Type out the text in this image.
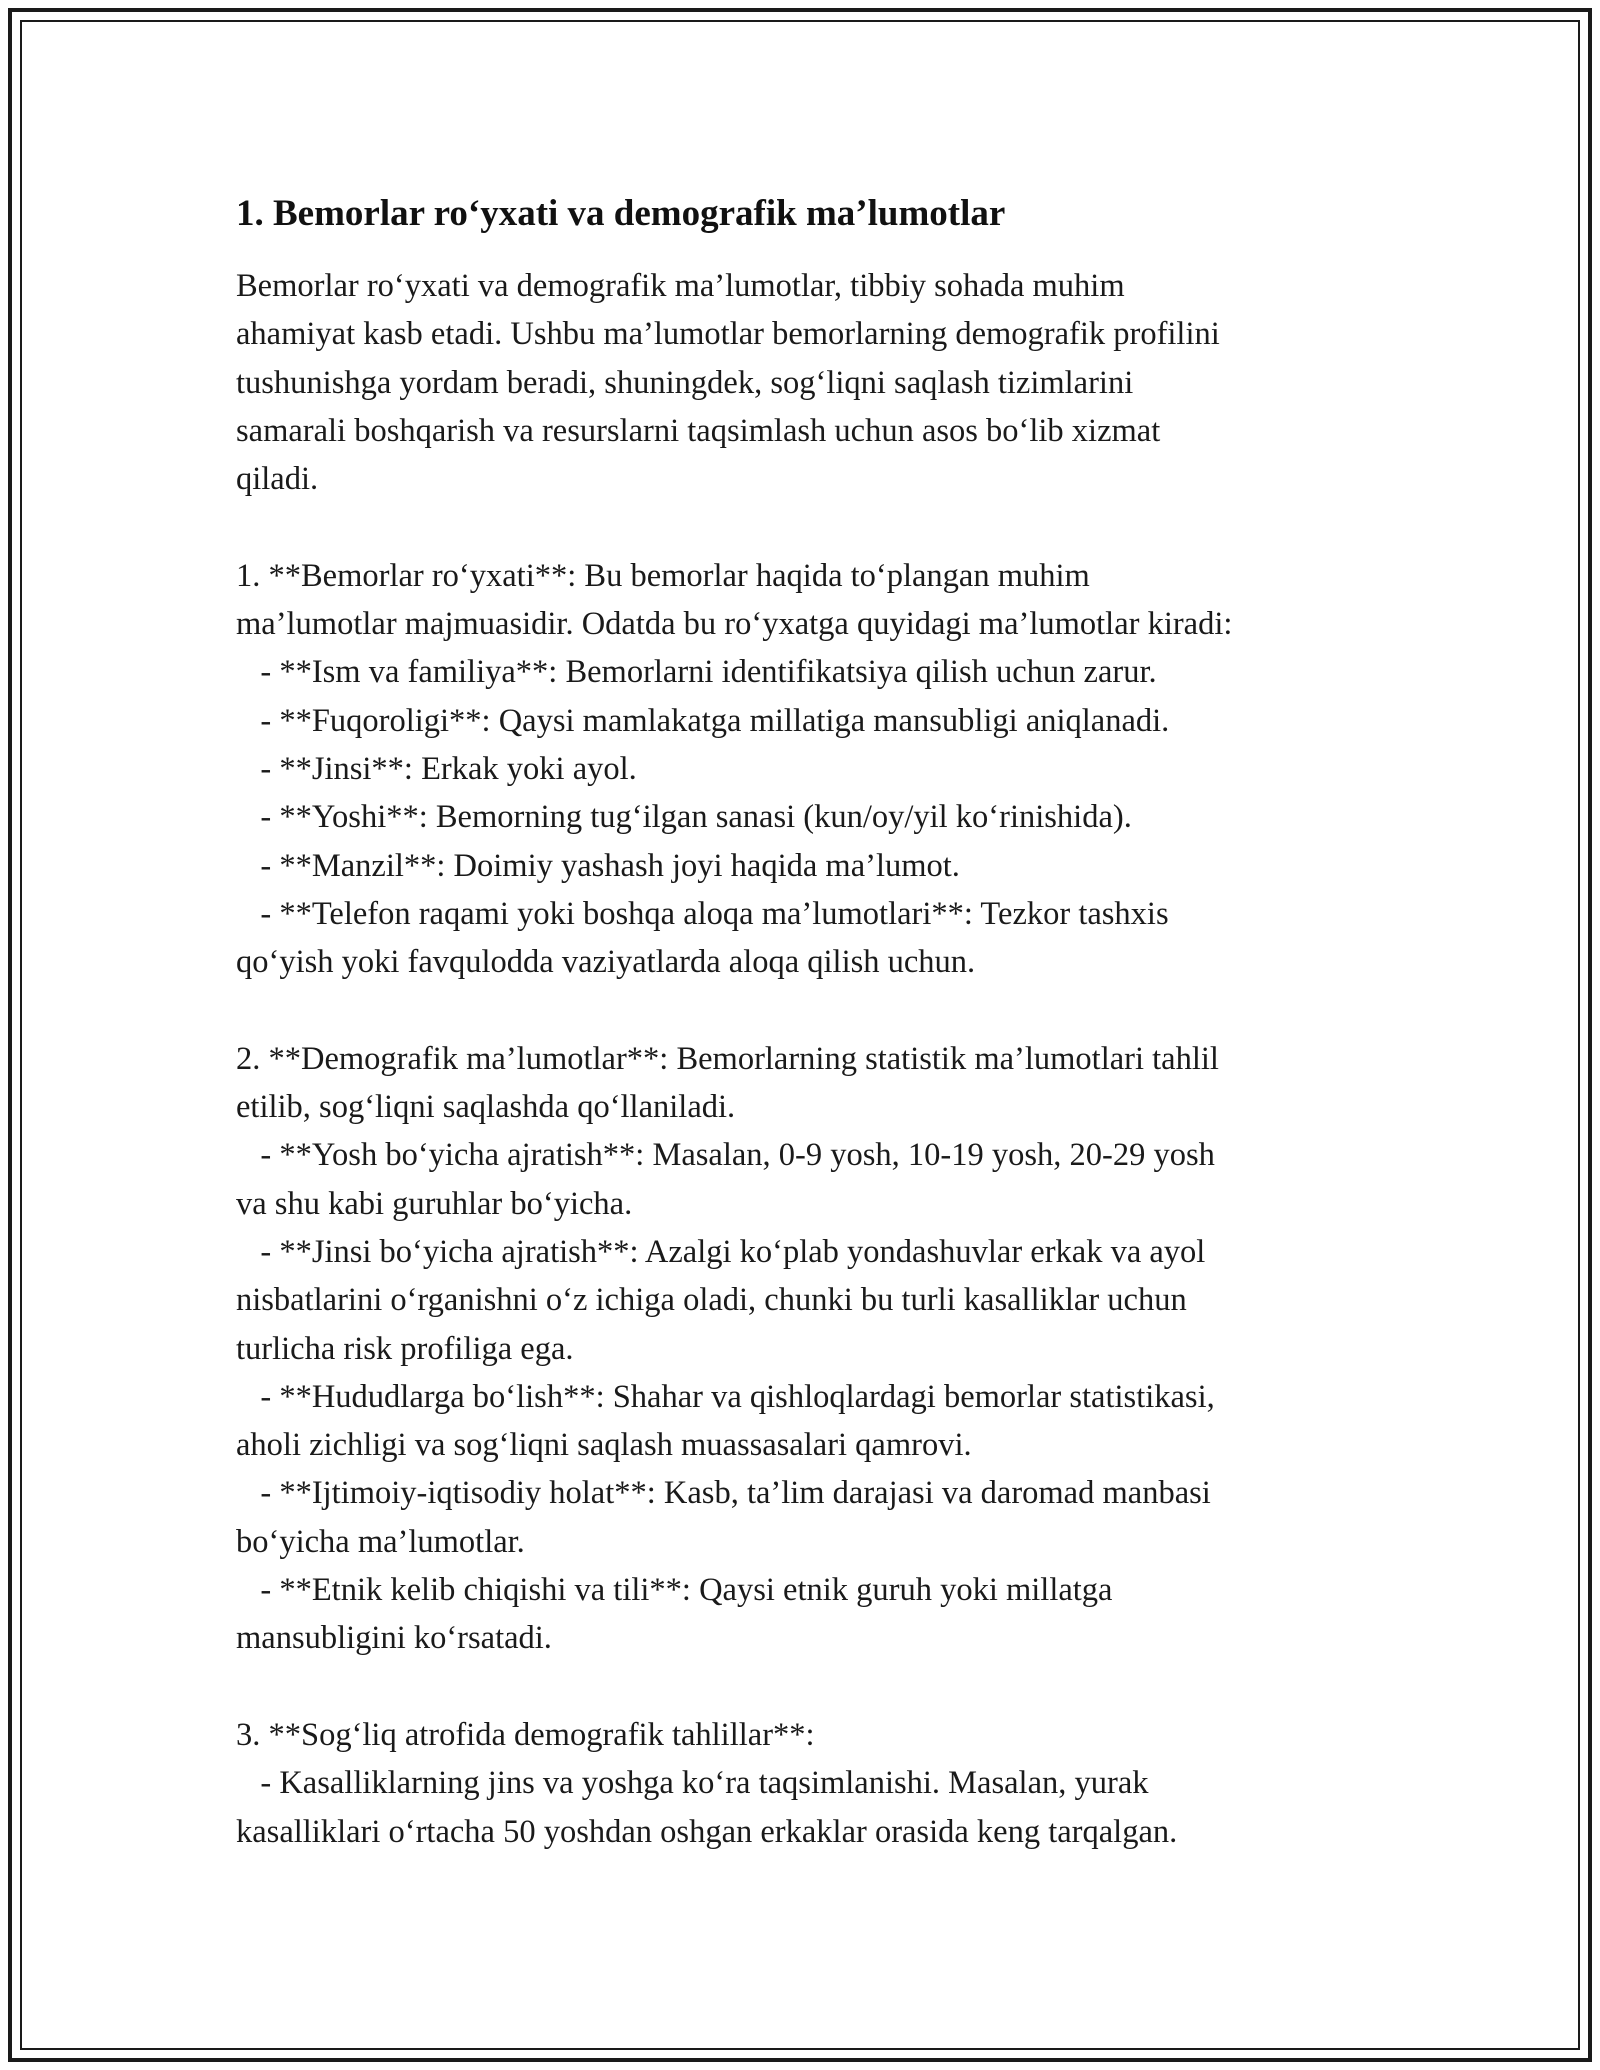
1. Bemorlar ro‘yxati va demografik ma’lumotlar
Bemorlar ro‘yxati va demografik ma’lumotlar, tibbiy sohada muhim
ahamiyat kasb etadi. Ushbu ma’lumotlar bemorlarning demografik profilini
tushunishga yordam beradi, shuningdek, sog‘liqni saqlash tizimlarini
samarali boshqarish va resurslarni taqsimlash uchun asos bo‘lib xizmat
qiladi.
1. **Bemorlar ro‘yxati**: Bu bemorlar haqida to‘plangan muhim
ma’lumotlar majmuasidir. Odatda bu ro‘yxatga quyidagi ma’lumotlar kiradi:
- **Ism va familiya**: Bemorlarni identifikatsiya qilish uchun zarur.
- **Fuqoroligi**: Qaysi mamlakatga millatiga mansubligi aniqlanadi.
- **Jinsi**: Erkak yoki ayol.
- **Yoshi**: Bemorning tug‘ilgan sanasi (kun/oy/yil ko‘rinishida).
- **Manzil**: Doimiy yashash joyi haqida ma’lumot.
- **Telefon raqami yoki boshqa aloqa ma’lumotlari**: Tezkor tashxis
qo‘yish yoki favqulodda vaziyatlarda aloqa qilish uchun.
2. **Demografik ma’lumotlar**: Bemorlarning statistik ma’lumotlari tahlil
etilib, sog‘liqni saqlashda qo‘llaniladi.
- **Yosh bo‘yicha ajratish**: Masalan, 0-9 yosh, 10-19 yosh, 20-29 yosh
va shu kabi guruhlar bo‘yicha.
- **Jinsi bo‘yicha ajratish**: Azalgi ko‘plab yondashuvlar erkak va ayol
nisbatlarini o‘rganishni o‘z ichiga oladi, chunki bu turli kasalliklar uchun
turlicha risk profiliga ega.
- **Hududlarga bo‘lish**: Shahar va qishloqlardagi bemorlar statistikasi,
aholi zichligi va sog‘liqni saqlash muassasalari qamrovi.
- **Ijtimoiy-iqtisodiy holat**: Kasb, ta’lim darajasi va daromad manbasi
bo‘yicha ma’lumotlar.
- **Etnik kelib chiqishi va tili**: Qaysi etnik guruh yoki millatga
mansubligini ko‘rsatadi.
3. **Sog‘liq atrofida demografik tahlillar**:
- Kasalliklarning jins va yoshga ko‘ra taqsimlanishi. Masalan, yurak
kasalliklari o‘rtacha 50 yoshdan oshgan erkaklar orasida keng tarqalgan.
